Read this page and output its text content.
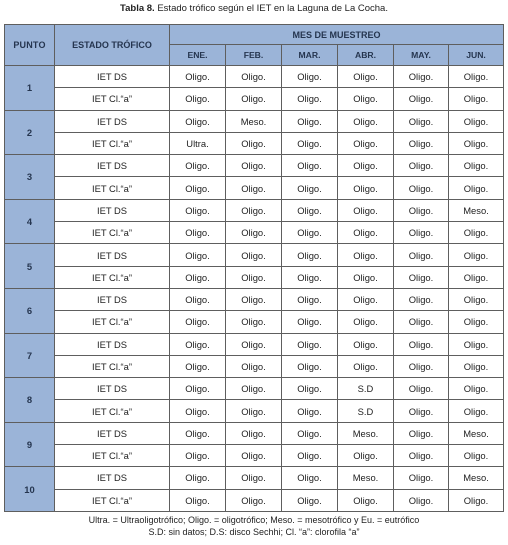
Tabla 8. Estado trófico según el IET en la Laguna de La Cocha.
PUNTO	ESTADO TRÓFICO	MES DE MUESTREO					
		ENE.	FEB.	MAR.	ABR.	MAY.	JUN.
1	IET DS	Oligo.	Oligo.	Oligo.	Oligo.	Oligo.	Oligo.
	IET Cl.“a”	Oligo.	Oligo.	Oligo.	Oligo.	Oligo.	Oligo.
2	IET DS	Oligo.	Meso.	Oligo.	Oligo.	Oligo.	Oligo.
	IET Cl.“a”	Ultra.	Oligo.	Oligo.	Oligo.	Oligo.	Oligo.
3	IET DS	Oligo.	Oligo.	Oligo.	Oligo.	Oligo.	Oligo.
	IET Cl.“a”	Oligo.	Oligo.	Oligo.	Oligo.	Oligo.	Oligo.
4	IET DS	Oligo.	Oligo.	Oligo.	Oligo.	Oligo.	Meso.
	IET Cl.“a”	Oligo.	Oligo.	Oligo.	Oligo.	Oligo.	Oligo.
5	IET DS	Oligo.	Oligo.	Oligo.	Oligo.	Oligo.	Oligo.
	IET Cl.“a”	Oligo.	Oligo.	Oligo.	Oligo.	Oligo.	Oligo.
6	IET DS	Oligo.	Oligo.	Oligo.	Oligo.	Oligo.	Oligo.
	IET Cl.“a”	Oligo.	Oligo.	Oligo.	Oligo.	Oligo.	Oligo.
7	IET DS	Oligo.	Oligo.	Oligo.	Oligo.	Oligo.	Oligo.
	IET Cl.“a”	Oligo.	Oligo.	Oligo.	Oligo.	Oligo.	Oligo.
8	IET DS	Oligo.	Oligo.	Oligo.	S.D	Oligo.	Oligo.
	IET Cl.“a”	Oligo.	Oligo.	Oligo.	S.D	Oligo.	Oligo.
9	IET DS	Oligo.	Oligo.	Oligo.	Meso.	Oligo.	Meso.
	IET Cl.“a”	Oligo.	Oligo.	Oligo.	Oligo.	Oligo.	Oligo.
10	IET DS	Oligo.	Oligo.	Oligo.	Meso.	Oligo.	Meso.
	IET Cl.“a”	Oligo.	Oligo.	Oligo.	Oligo.	Oligo.	Oligo.
Ultra. = Ultraoligotrófico; Oligo. = oligotrófico; Meso. = mesotrófico y Eu. = eutrófico
S.D: sin datos; D.S: disco Sechhi; Cl. “a”: clorofila “a”
